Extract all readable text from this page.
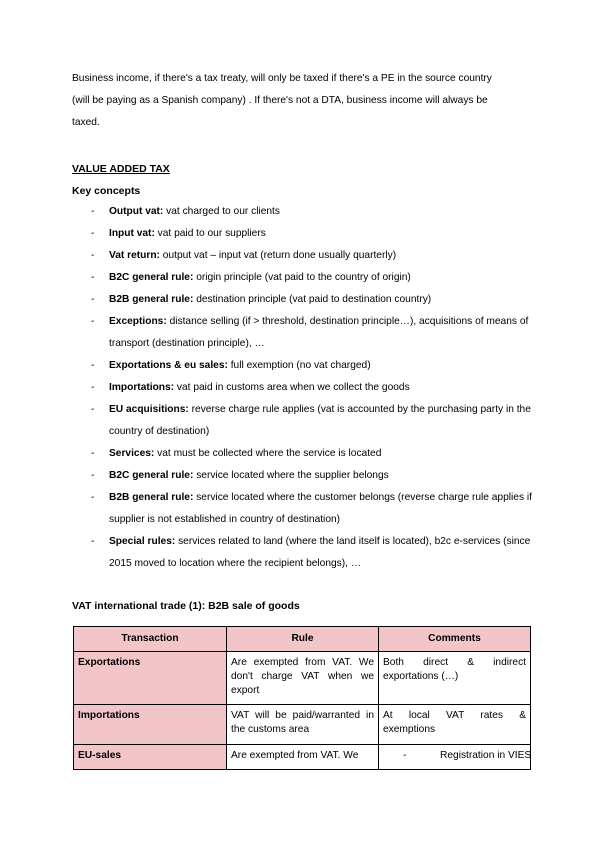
Business income, if there's a tax treaty, will only be taxed if there's a PE in the source country
(will be paying as a Spanish company) . If there's not a DTA, business income will always be
taxed.

VALUE ADDED TAX

Key concepts

- Output vat: vat charged to our clients
- Input vat: vat paid to our suppliers
- Vat return: output vat – input vat (return done usually quarterly)
- B2C general rule: origin principle (vat paid to the country of origin)
- B2B general rule: destination principle (vat paid to destination country)
- Exceptions: distance selling (if > threshold, destination principle…), acquisitions of means of transport (destination principle), …
- Exportations & eu sales: full exemption (no vat charged)
- Importations: vat paid in customs area when we collect the goods
- EU acquisitions: reverse charge rule applies (vat is accounted by the purchasing party in the country of destination)
- Services: vat must be collected where the service is located
- B2C general rule: service located where the supplier belongs
- B2B general rule: service located where the customer belongs (reverse charge rule applies if supplier is not established in country of destination)
- Special rules: services related to land (where the land itself is located), b2c e-services (since 2015 moved to location where the recipient belongs), …

VAT international trade (1): B2B sale of goods

Transaction	Rule	Comments
Exportations	Are exempted from VAT. We don't charge VAT when we export	Both direct & indirect exportations (…)
Importations	VAT will be paid/warranted in the customs area	At local VAT rates & exemptions
EU-sales	Are exempted from VAT. We	- Registration in VIES
